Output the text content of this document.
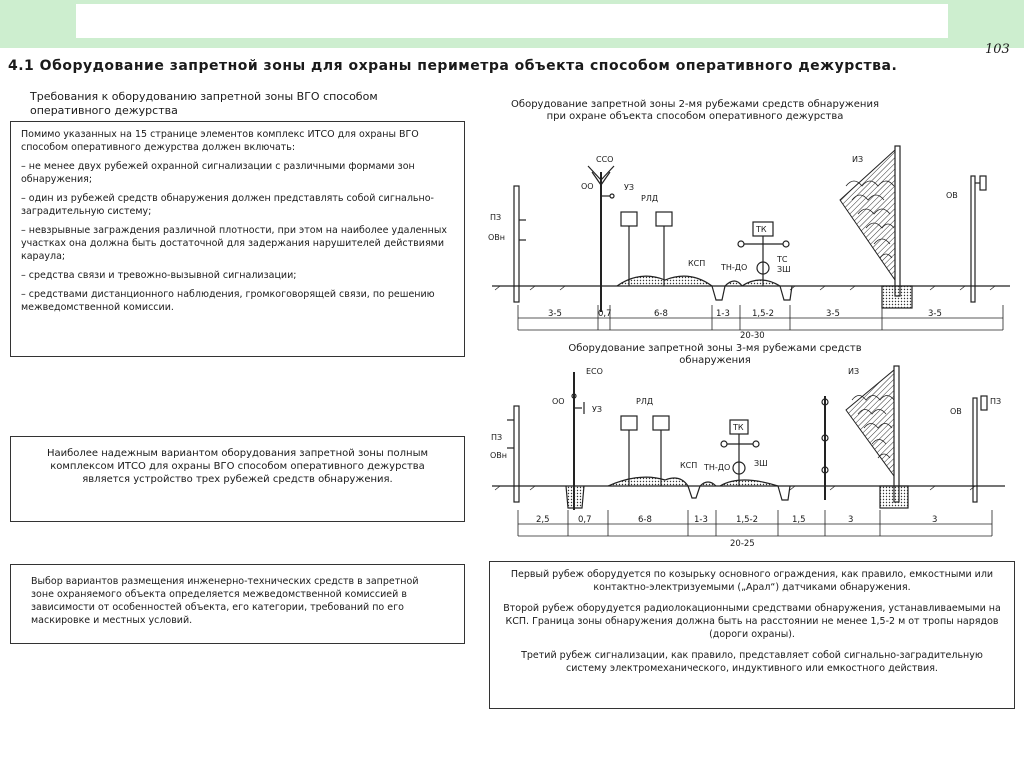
103
4.1 Оборудование запретной зоны для охраны периметра объекта способом оперативного дежурства.
Требования к оборудованию запретной зоны ВГО способом оперативного дежурства

Помимо указанных на 15 странице элементов комплекс ИТСО для охраны ВГО способом оперативного дежурства должен включать:

– не менее двух рубежей охранной сигнализации с различными формами зон обнаружения;

– один из рубежей средств обнаружения должен представлять собой сигнально-заградительную систему;

– невзрывные заграждения различной плотности, при этом на наиболее удаленных участках она должна быть достаточной для задержания нарушителей действиями караула;

– средства связи и тревожно-вызывной сигнализации;

– средствами дистанционного наблюдения, громкоговорящей связи, по решению межведомственной комиссии.

Наиболее надежным вариантом оборудования запретной зоны полным комплексом ИТСО для охраны ВГО способом оперативного дежурства является устройство трех рубежей средств обнаружения.
Выбор вариантов размещения инженерно-технических средств в запретной зоне охраняемого объекта определяется межведомственной комиссией в зависимости от особенностей объекта, его категории, требований по его маскировке и местных условий.

Первый рубеж оборудуется по козырьку основного ограждения, как правило, емкостными или контактно-электризуемыми („Арал“) датчиками обнаружения.

Второй рубеж оборудуется радиолокационными средствами обнаружения, устанавливаемыми на КСП. Граница зоны обнаружения должна быть на расстоянии не менее 1,5-2 м от тропы нарядов (дороги охраны).

Третий рубеж сигнализации, как правило, представляет собой сигнально-заградительную систему электромеханического, индуктивного или емкостного действия.

Оборудование запретной зоны 2-мя рубежами средств обнаружения при охране объекта способом оперативного дежурства
Оборудование запретной зоны 3-мя рубежами средств обнаружения
ССО
ОО	УЗ
РЛД
ТК
КСП ТН-ДО
ТС
ЗШ
ИЗ
ОВ
ПЗ
ОВн
3-5	0,7	6-8	1-3	1,5-2	3-5	3-5
20-30
ЕСО
ОО
УЗ
РЛД
ТК
КСП ТН-ДО	ЗШ
ИЗ
ОВ
ПЗ
ПЗ
ОВн
2,5	0,7	6-8	1-3	1,5-2	1,5	3	3
20-25
